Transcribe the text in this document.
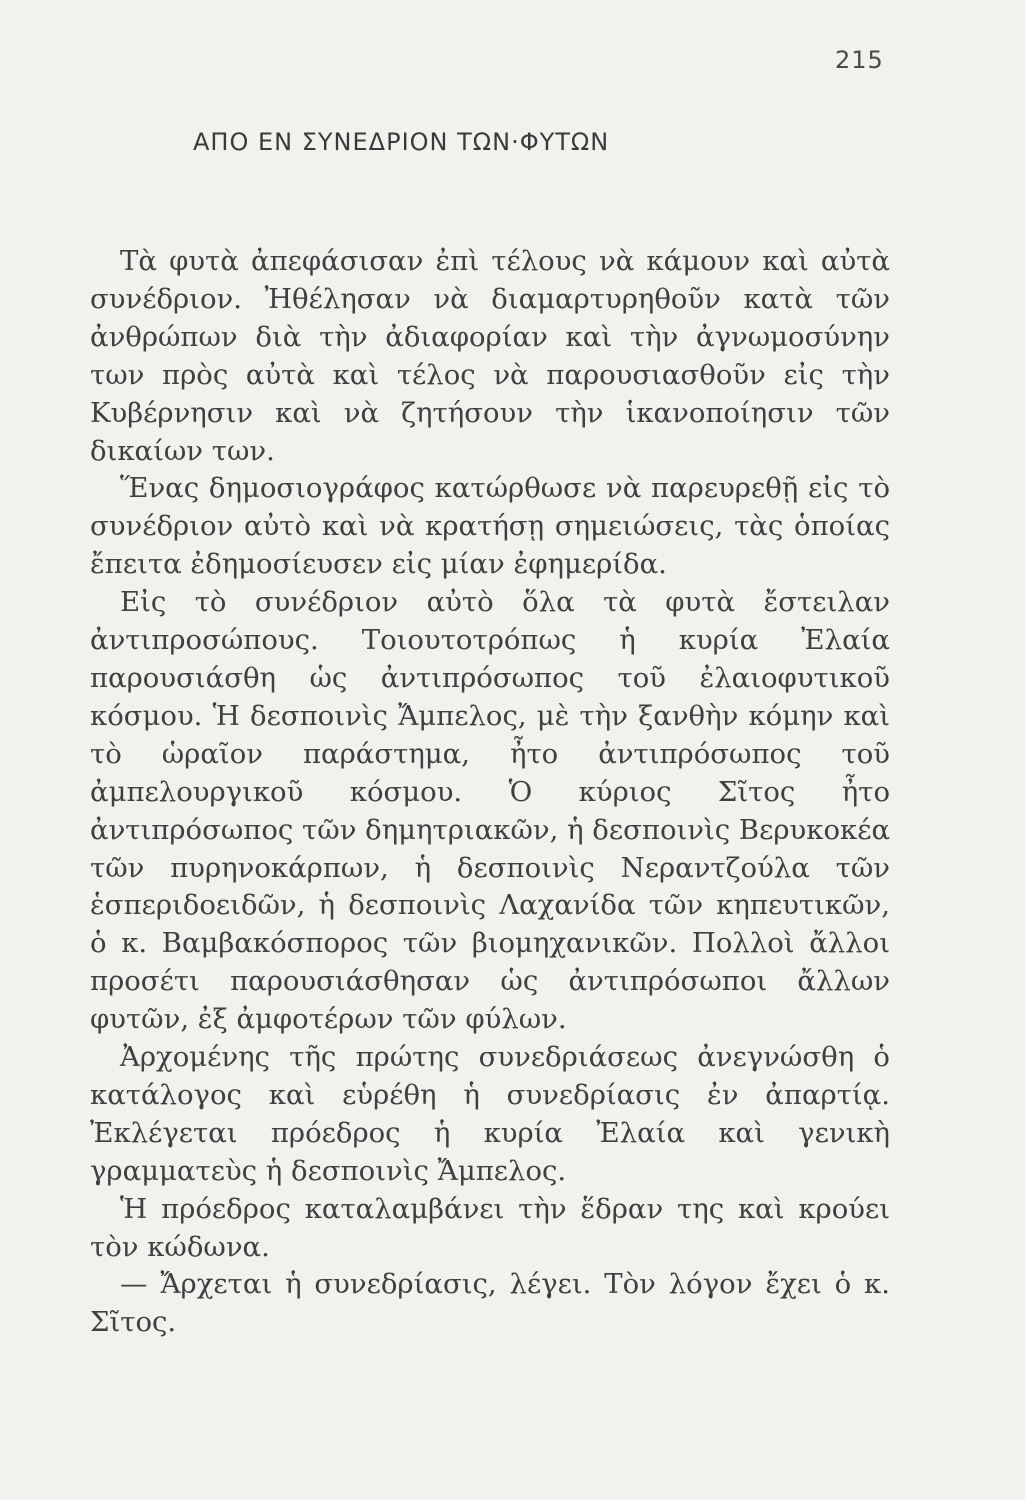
215
ΑΠΟ ΕΝ ΣΥΝΕΔΡΙΟΝ ΤΩΝ·ΦΥΤΩΝ

Τὰ φυτὰ ἀπεφάσισαν ἐπὶ τέλους νὰ κάμουν καὶ αὐτὰ συνέδριον. Ἠθέλησαν νὰ διαμαρτυρηθοῦν κατὰ τῶν ἀνθρώπων διὰ τὴν ἀδιαφορίαν καὶ τὴν ἀγνωμοσύνην των πρὸς αὐτὰ καὶ τέλος νὰ παρουσιασθοῦν εἰς τὴν Κυβέρνησιν καὶ νὰ ζητήσουν τὴν ἱκανοποίησιν τῶν δικαίων των.

Ἕνας δημοσιογράφος κατώρθωσε νὰ παρευρεθῇ εἰς τὸ συνέδριον αὐτὸ καὶ νὰ κρατήσῃ σημειώσεις, τὰς ὁποίας ἔπειτα ἐδημοσίευσεν εἰς μίαν ἐφημερίδα.

Εἰς τὸ συνέδριον αὐτὸ ὅλα τὰ φυτὰ ἔστειλαν ἀντιπροσώπους. Τοιουτοτρόπως ἡ κυρία Ἐλαία παρουσιάσθη ὡς ἀντιπρόσωπος τοῦ ἐλαιοφυτικοῦ κόσμου. Ἡ δεσποινὶς Ἄμπελος, μὲ τὴν ξανθὴν κόμην καὶ τὸ ὡραῖον παράστημα, ἦτο ἀντιπρόσωπος τοῦ ἀμπελουργικοῦ κόσμου. Ὁ κύριος Σῖτος ἦτο ἀντιπρόσωπος τῶν δημητριακῶν, ἡ δεσποινὶς Βερυκοκέα τῶν πυρηνοκάρπων, ἡ δεσποινὶς Νεραντζούλα τῶν ἑσπεριδοειδῶν, ἡ δεσποινὶς Λαχανίδα τῶν κηπευτικῶν, ὁ κ. Βαμβακόσπορος τῶν βιομηχανικῶν. Πολλοὶ ἄλλοι προσέτι παρουσιάσθησαν ὡς ἀντιπρόσωποι ἄλλων φυτῶν, ἐξ ἀμφοτέρων τῶν φύλων.

Ἀρχομένης τῆς πρώτης συνεδριάσεως ἀνεγνώσθη ὁ κατάλογος καὶ εὑρέθη ἡ συνεδρίασις ἐν ἀπαρτίᾳ. Ἐκλέγεται πρόεδρος ἡ κυρία Ἐλαία καὶ γενικὴ γραμματεὺς ἡ δεσποινὶς Ἄμπελος.

Ἡ πρόεδρος καταλαμβάνει τὴν ἕδραν της καὶ κρούει τὸν κώδωνα.

— Ἄρχεται ἡ συνεδρίασις, λέγει. Τὸν λόγον ἔχει ὁ κ. Σῖτος.
